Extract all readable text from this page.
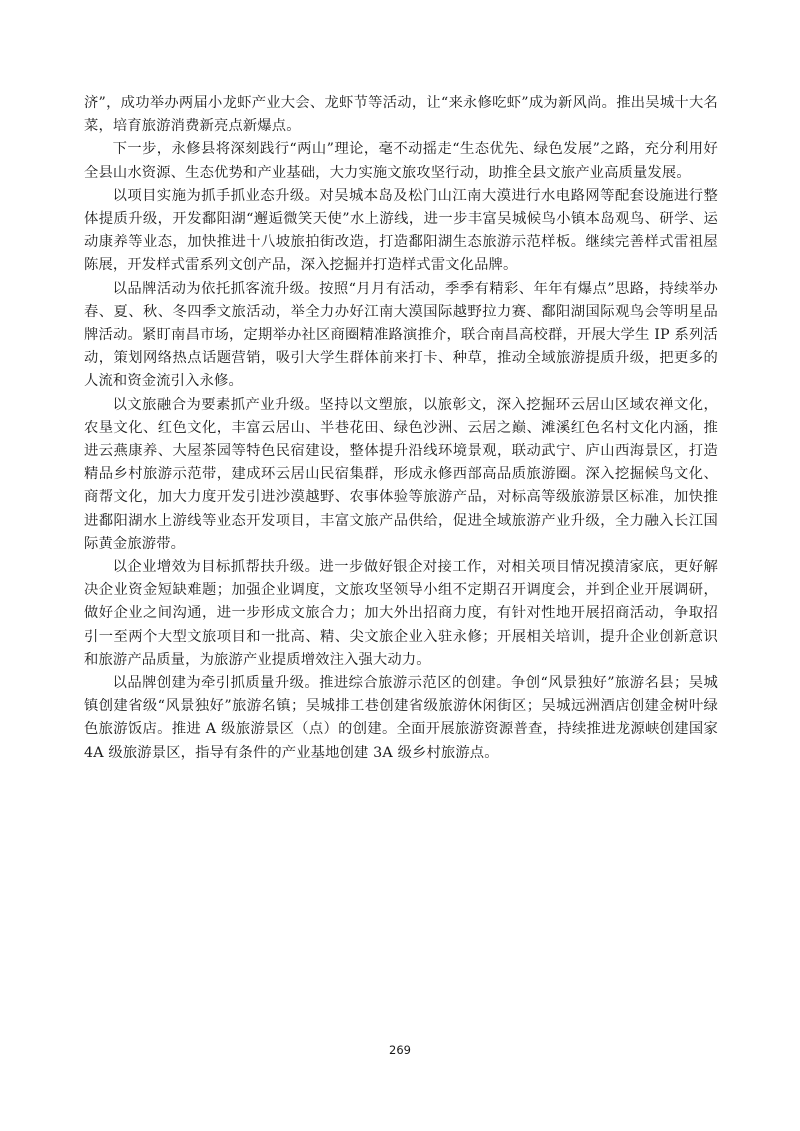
济”，成功举办两届小龙虾产业大会、龙虾节等活动，让“来永修吃虾”成为新风尚。推出吴城十大名菜，培育旅游消费新亮点新爆点。

下一步，永修县将深刻践行“两山”理论，毫不动摇走“生态优先、绿色发展”之路，充分利用好全县山水资源、生态优势和产业基础，大力实施文旅攻坚行动，助推全县文旅产业高质量发展。

以项目实施为抓手抓业态升级。对吴城本岛及松门山江南大漠进行水电路网等配套设施进行整体提质升级，开发鄱阳湖“邂逅微笑天使”水上游线，进一步丰富吴城候鸟小镇本岛观鸟、研学、运动康养等业态，加快推进十八坡旅拍街改造，打造鄱阳湖生态旅游示范样板。继续完善样式雷祖屋陈展，开发样式雷系列文创产品，深入挖掘并打造样式雷文化品牌。

以品牌活动为依托抓客流升级。按照“月月有活动，季季有精彩、年年有爆点”思路，持续举办春、夏、秋、冬四季文旅活动，举全力办好江南大漠国际越野拉力赛、鄱阳湖国际观鸟会等明星品牌活动。紧盯南昌市场，定期举办社区商圈精准路演推介，联合南昌高校群，开展大学生 IP 系列活动，策划网络热点话题营销，吸引大学生群体前来打卡、种草，推动全域旅游提质升级，把更多的人流和资金流引入永修。

以文旅融合为要素抓产业升级。坚持以文塑旅，以旅彰文，深入挖掘环云居山区域农禅文化，农垦文化、红色文化，丰富云居山、半巷花田、绿色沙洲、云居之巅、滩溪红色名村文化内涵，推进云燕康养、大屋茶园等特色民宿建设，整体提升沿线环境景观，联动武宁、庐山西海景区，打造精品乡村旅游示范带，建成环云居山民宿集群，形成永修西部高品质旅游圈。深入挖掘候鸟文化、商帮文化，加大力度开发引进沙漠越野、农事体验等旅游产品，对标高等级旅游景区标准，加快推进鄱阳湖水上游线等业态开发项目，丰富文旅产品供给，促进全域旅游产业升级，全力融入长江国际黄金旅游带。

以企业增效为目标抓帮扶升级。进一步做好银企对接工作，对相关项目情况摸清家底，更好解决企业资金短缺难题；加强企业调度，文旅攻坚领导小组不定期召开调度会，并到企业开展调研，做好企业之间沟通，进一步形成文旅合力；加大外出招商力度，有针对性地开展招商活动，争取招引一至两个大型文旅项目和一批高、精、尖文旅企业入驻永修；开展相关培训，提升企业创新意识和旅游产品质量，为旅游产业提质增效注入强大动力。

以品牌创建为牵引抓质量升级。推进综合旅游示范区的创建。争创“风景独好”旅游名县；吴城镇创建省级“风景独好”旅游名镇；吴城排工巷创建省级旅游休闲街区；吴城远洲酒店创建金树叶绿色旅游饭店。推进 A 级旅游景区（点）的创建。全面开展旅游资源普查，持续推进龙源峡创建国家 4A 级旅游景区，指导有条件的产业基地创建 3A 级乡村旅游点。

269
